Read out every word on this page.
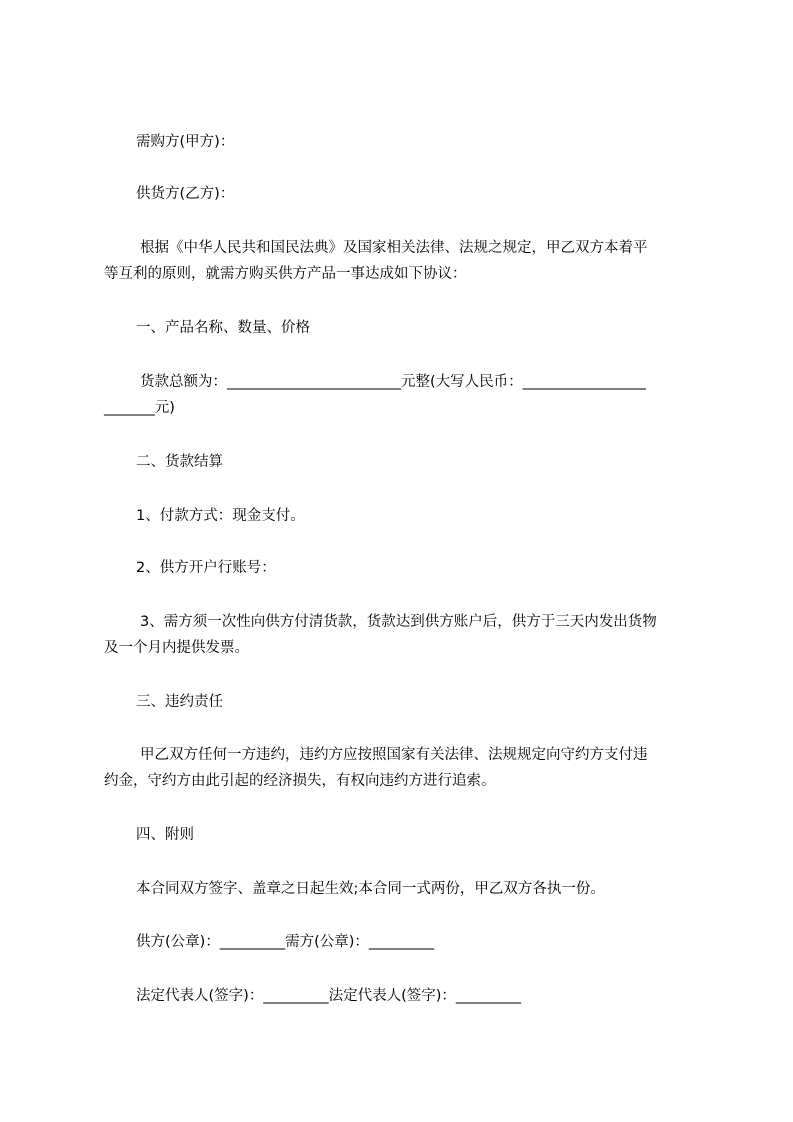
需购方(甲方)：
供货方(乙方)：
根据《中华人民共和国民法典》及国家相关法律、法规之规定，甲乙双方本着平
等互利的原则，就需方购买供方产品一事达成如下协议：
一、产品名称、数量、价格
货款总额为：________________________元整(大写人民币：_________________
_______元)
二、货款结算
1、付款方式：现金支付。
2、供方开户行账号：
3、需方须一次性向供方付清货款，货款达到供方账户后，供方于三天内发出货物
及一个月内提供发票。
三、违约责任
甲乙双方任何一方违约，违约方应按照国家有关法律、法规规定向守约方支付违
约金，守约方由此引起的经济损失，有权向违约方进行追索。
四、附则
本合同双方签字、盖章之日起生效;本合同一式两份，甲乙双方各执一份。
供方(公章)：_________需方(公章)：_________
法定代表人(签字)：_________法定代表人(签字)：_________
